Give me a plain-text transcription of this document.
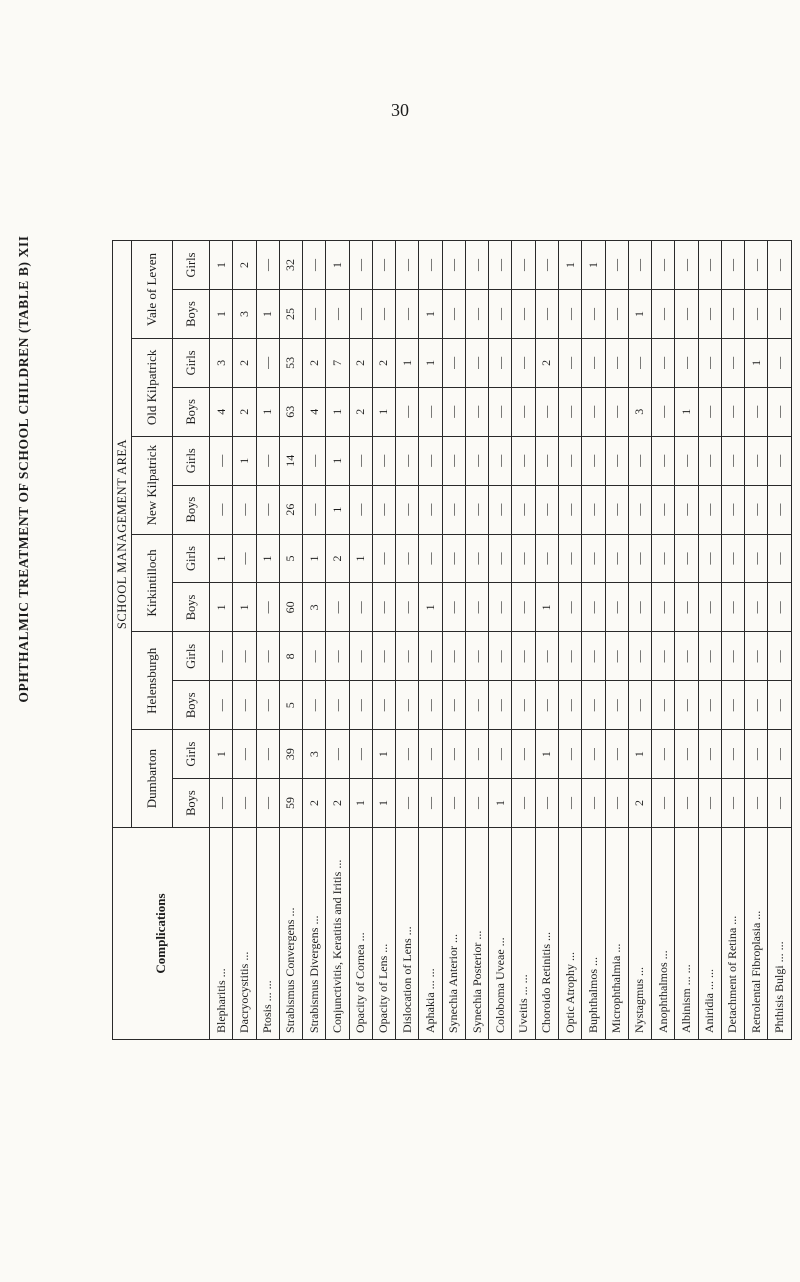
30
OPHTHALMIC TREATMENT OF SCHOOL CHILDREN (TABLE B) XII
Complications	SCHOOL MANAGEMENT AREA											
	Dumbarton		Helensburgh		Kirkintilloch		New Kilpatrick		Old Kilpatrick		Vale of Leven	
	Boys	Girls	Boys	Girls	Boys	Girls	Boys	Girls	Boys	Girls	Boys	Girls
Blepharitis ...	—	1	—	—	1	1	—	—	4	3	1	1
Dacryocystitis ...	—	—	—	—	1	—	—	1	2	2	3	2
Ptosis ... ...	—	—	—	—	—	1	—	—	1	—	1	—
Strabismus Convergens ...	59	39	5	8	60	5	26	14	63	53	25	32
Strabismus Divergens ...	2	3	—	—	3	1	—	—	4	2	—	—
Conjunctivitis, Keratitis and Iritis ...	2	—	—	—	—	2	1	1	1	7	—	1
Opacity of Cornea ...	1	—	—	—	—	1	—	—	2	2	—	—
Opacity of Lens ...	1	1	—	—	—	—	—	—	1	2	—	—
Dislocation of Lens ...	—	—	—	—	—	—	—	—	—	1	—	—
Aphakia ... ...	—	—	—	—	1	—	—	—	—	1	1	—
Synechia Anterior ...	—	—	—	—	—	—	—	—	—	—	—	—
Synechia Posterior ...	—	—	—	—	—	—	—	—	—	—	—	—
Coloboma Uveae ...	1	—	—	—	—	—	—	—	—	—	—	—
Uveitis ... ...	—	—	—	—	—	—	—	—	—	—	—	—
Choroido Retinitis ...	—	1	—	—	1	—	—	—	—	2	—	—
Optic Atrophy ...	—	—	—	—	—	—	—	—	—	—	—	1
Buphthalmos ...	—	—	—	—	—	—	—	—	—	—	—	1
Microphthalmia ...	—	—	—	—	—	—	—	—	—	—	—	—
Nystagmus ...	2	1	—	—	—	—	—	—	3	—	1	—
Anophthalmos ...	—	—	—	—	—	—	—	—	—	—	—	—
Albinism ... ...	—	—	—	—	—	—	—	—	1	—	—	—
Aniridia ... ...	—	—	—	—	—	—	—	—	—	—	—	—
Detachment of Retina ...	—	—	—	—	—	—	—	—	—	—	—	—
Retrolental Fibroplasia ...	—	—	—	—	—	—	—	—	—	1	—	—
Phthisis Bulgi ... ...	—	—	—	—	—	—	—	—	—	—	—	—
